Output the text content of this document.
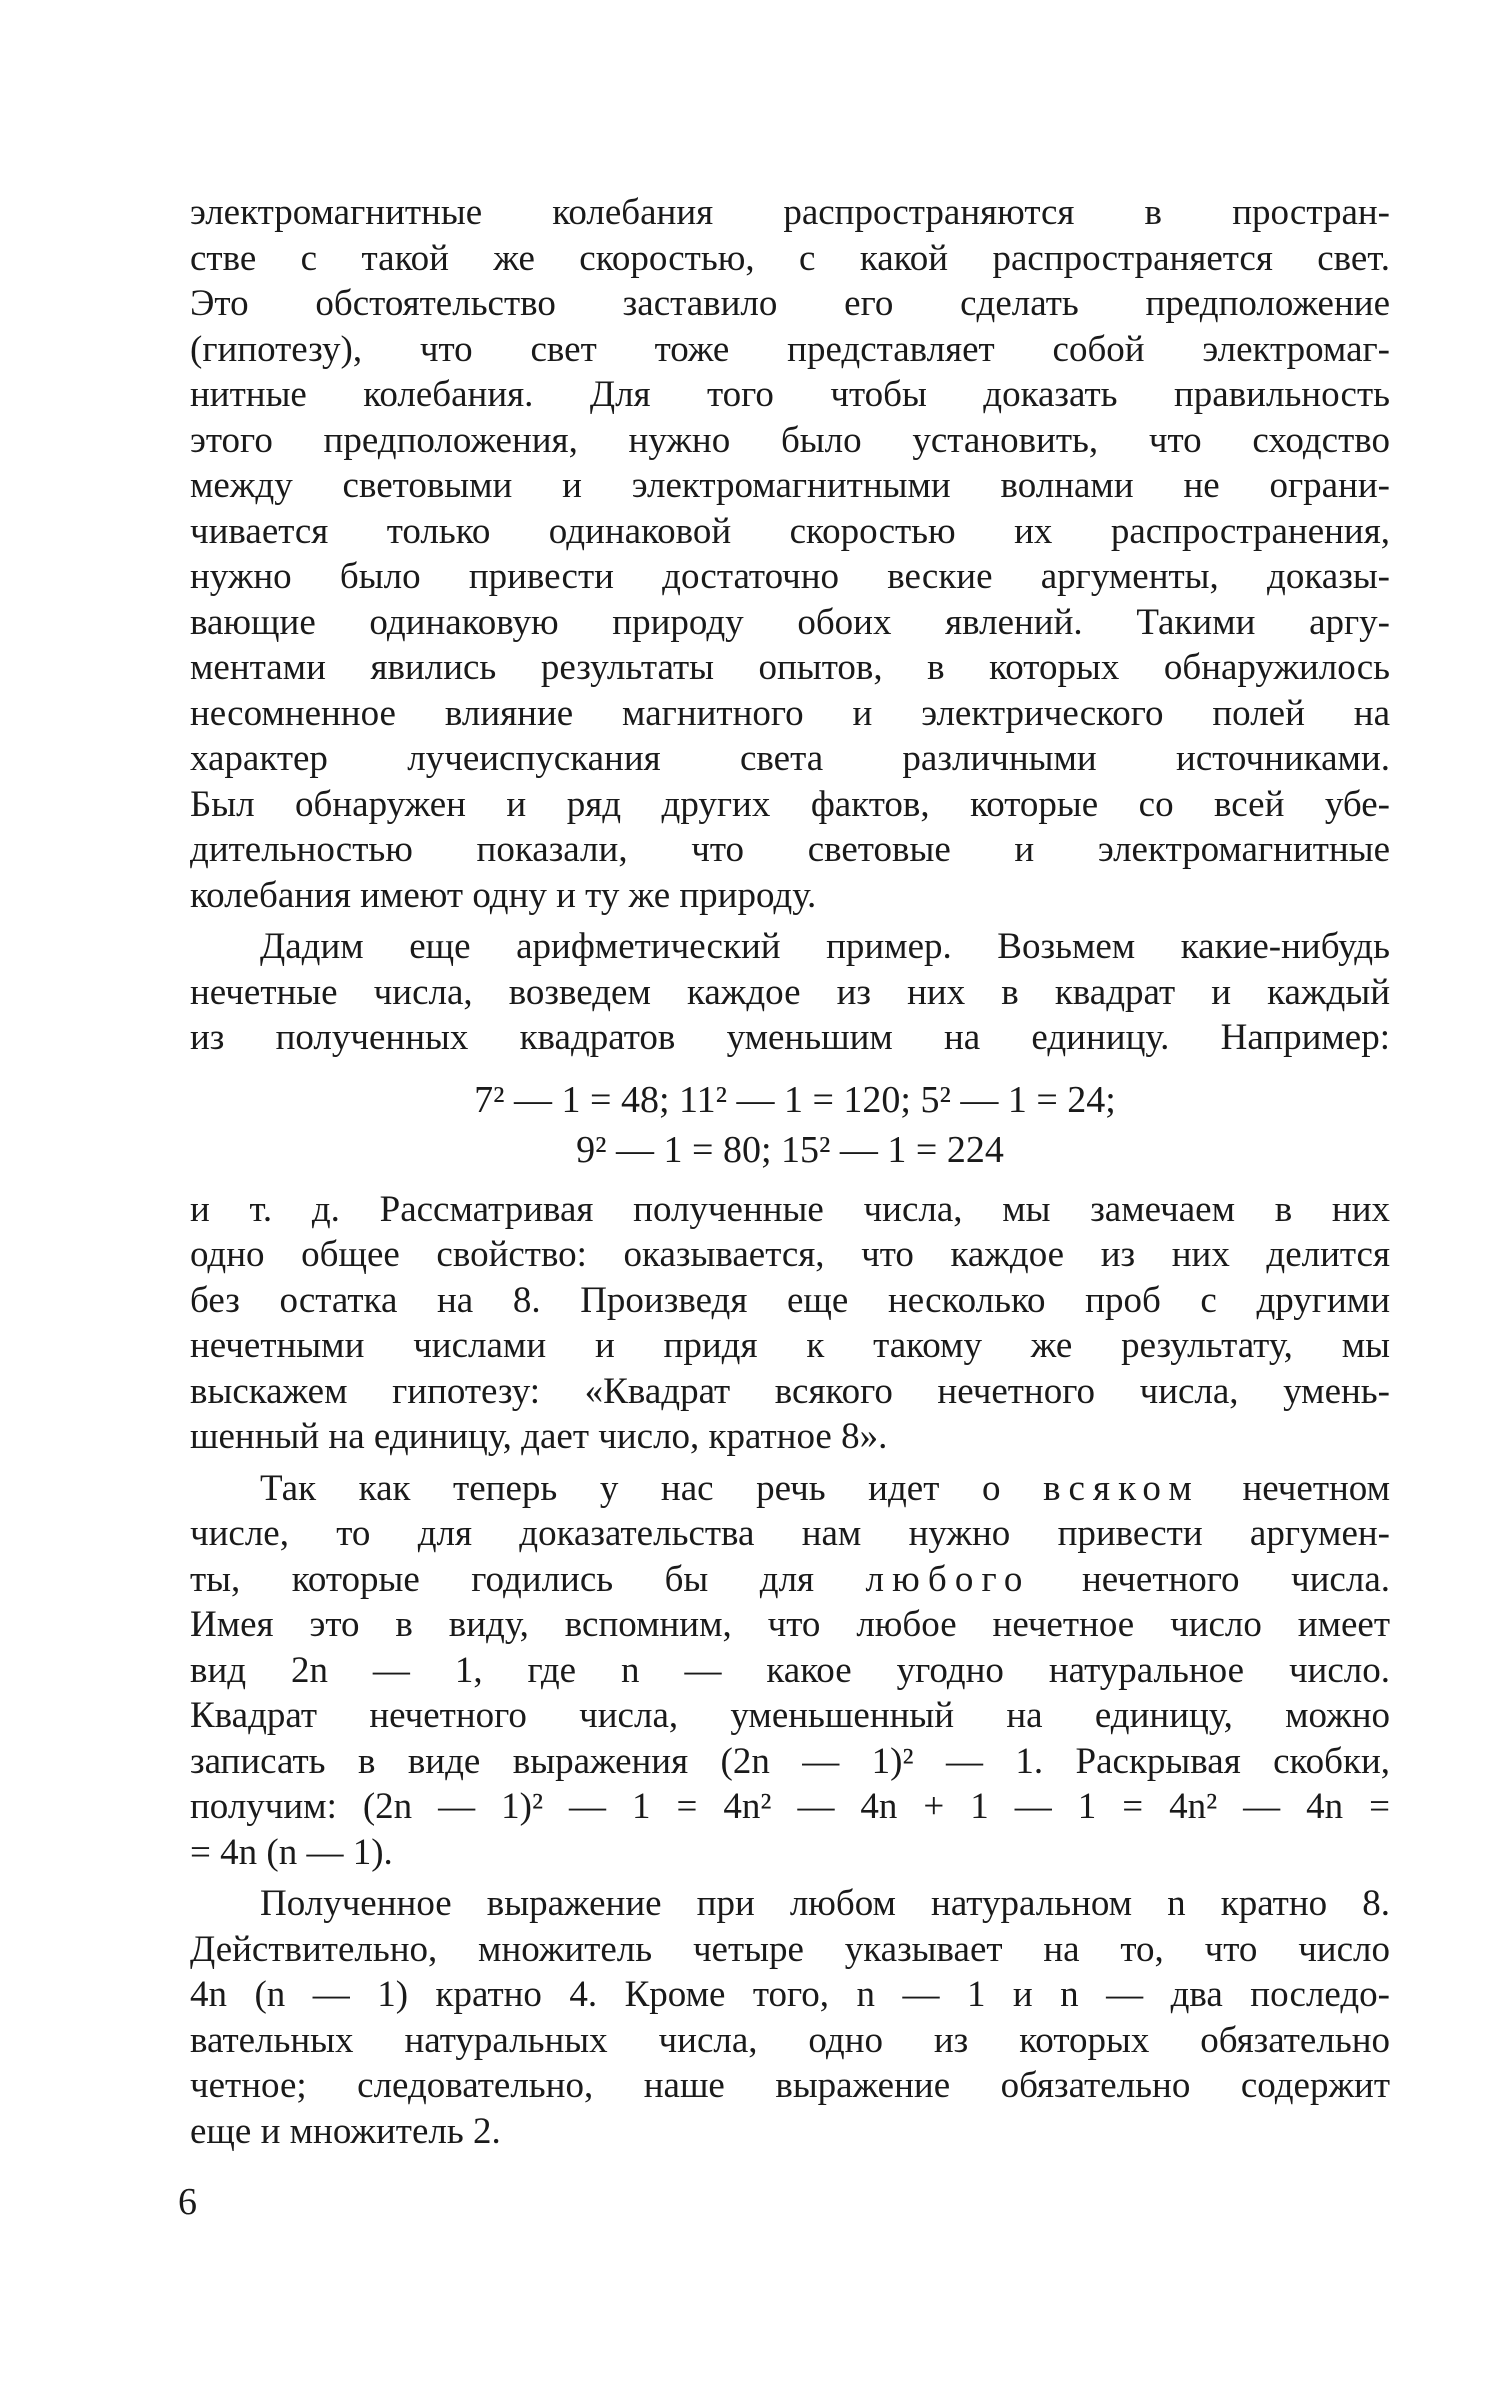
электромагнитные колебания распространяются в простран-
стве с такой же скоростью, с какой распространяется свет.
Это обстоятельство заставило его сделать предположение
(гипотезу), что свет тоже представляет собой электромаг-
нитные колебания. Для того чтобы доказать правильность
этого предположения, нужно было установить, что сходство
между световыми и электромагнитными волнами не ограни-
чивается только одинаковой скоростью их распространения,
нужно было привести достаточно веские аргументы, доказы-
вающие одинаковую природу обоих явлений. Такими аргу-
ментами явились результаты опытов, в которых обнаружилось
несомненное влияние магнитного и электрического полей на
характер лучеиспускания света различными источниками.
Был обнаружен и ряд других фактов, которые со всей убе-
дительностью показали, что световые и электромагнитные
колебания имеют одну и ту же природу.
Дадим еще арифметический пример. Возьмем какие-нибудь
нечетные числа, возведем каждое из них в квадрат и каждый
из полученных квадратов уменьшим на единицу. Например:
7² — 1 = 48; 11² — 1 = 120; 5² — 1 = 24;
9² — 1 = 80; 15² — 1 = 224
и т. д. Рассматривая полученные числа, мы замечаем в них
одно общее свойство: оказывается, что каждое из них делится
без остатка на 8. Произведя еще несколько проб с другими
нечетными числами и придя к такому же результату, мы
выскажем гипотезу: «Квадрат всякого нечетного числа, умень-
шенный на единицу, дает число, кратное 8».
Так как теперь у нас речь идет о всяком нечетном
числе, то для доказательства нам нужно привести аргумен-
ты, которые годились бы для любого нечетного числа.
Имея это в виду, вспомним, что любое нечетное число имеет
вид 2n — 1, где n — какое угодно натуральное число.
Квадрат нечетного числа, уменьшенный на единицу, можно
записать в виде выражения (2n — 1)² — 1. Раскрывая скобки,
получим: (2n — 1)² — 1 = 4n² — 4n + 1 — 1 = 4n² — 4n =
= 4n (n — 1).
Полученное выражение при любом натуральном n кратно 8.
Действительно, множитель четыре указывает на то, что число
4n (n — 1) кратно 4. Кроме того, n — 1 и n — два последо-
вательных натуральных числа, одно из которых обязательно
четное; следовательно, наше выражение обязательно содержит
еще и множитель 2.
6
